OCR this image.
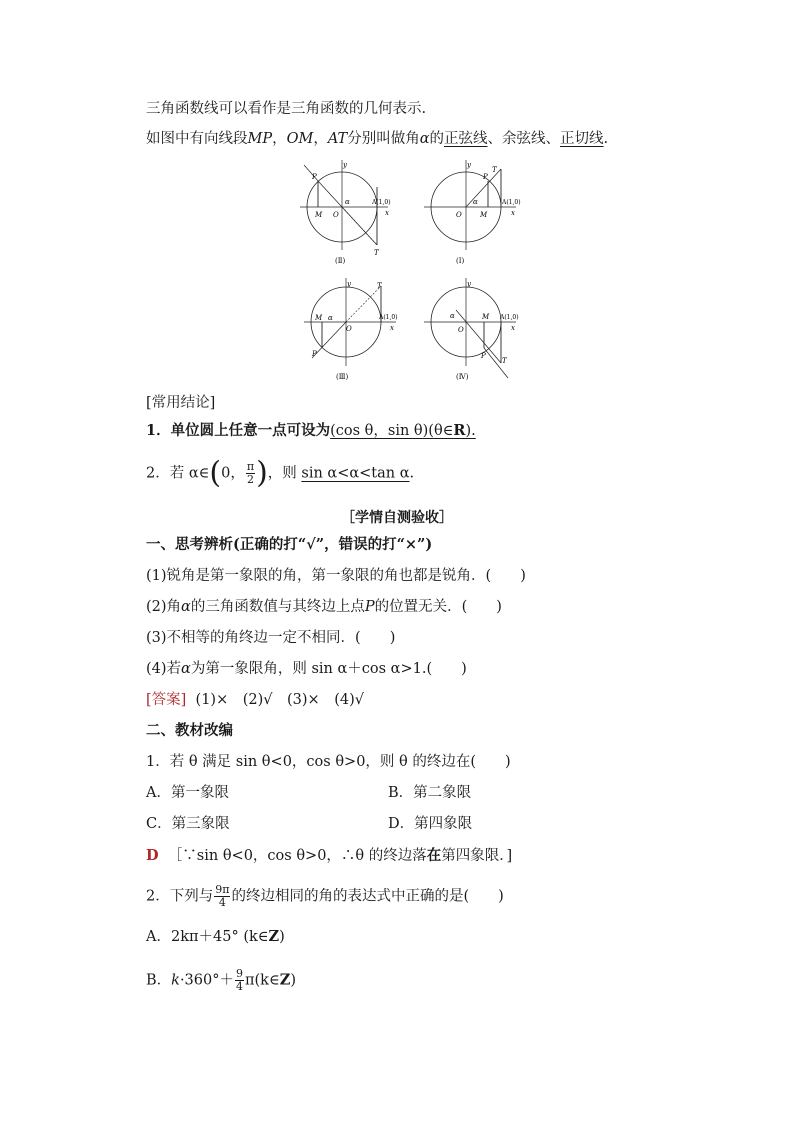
三角函数线可以看作是三角函数的几何表示.
如图中有向线段MP，OM，AT分别叫做角α的正弦线、余弦线、正切线.
P
y
M O
α	A(1,0)
x
T
(Ⅱ)
P
T
y
O	M
α	A(1,0)
x
(Ⅰ)
T
y
M α
O
A(1,0)
x
P
(Ⅲ)
y
α
O
M A(1,0)
x
P
T
(Ⅳ)
[常用结论]
1．单位圆上任意一点可设为(cos θ，sin θ)(θ∈R).
2．若 α∈(0， $\frac{\pi}{2}$ )，则 sin α<α<tan α.
［学情自测验收］
一、思考辨析(正确的打“√”，错误的打“×”)
(1)锐角是第一象限的角，第一象限的角也都是锐角．(　　)
(2)角α的三角函数值与其终边上点P的位置无关．(　　)
(3)不相等的角终边一定不相同．(　　)
(4)若α为第一象限角，则 sin α＋cos α>1.(　　)
[答案] (1)×　(2)√　(3)×　(4)√
二、教材改编
1．若 θ 满足 sin θ<0，cos θ>0，则 θ 的终边在(　　)
A．第一象限	B．第二象限
C．第三象限	D．第四象限
D ［∵sin θ<0，cos θ>0，∴θ 的终边落在第四象限．]
2．下列与 $\frac{9\pi}{4}$ 的终边相同的角的表达式中正确的是(　　)
A．2kπ＋45° (k∈Z)
B．$k\cdot 360^\circ+ \frac{9}{4}$ π(k∈Z)
